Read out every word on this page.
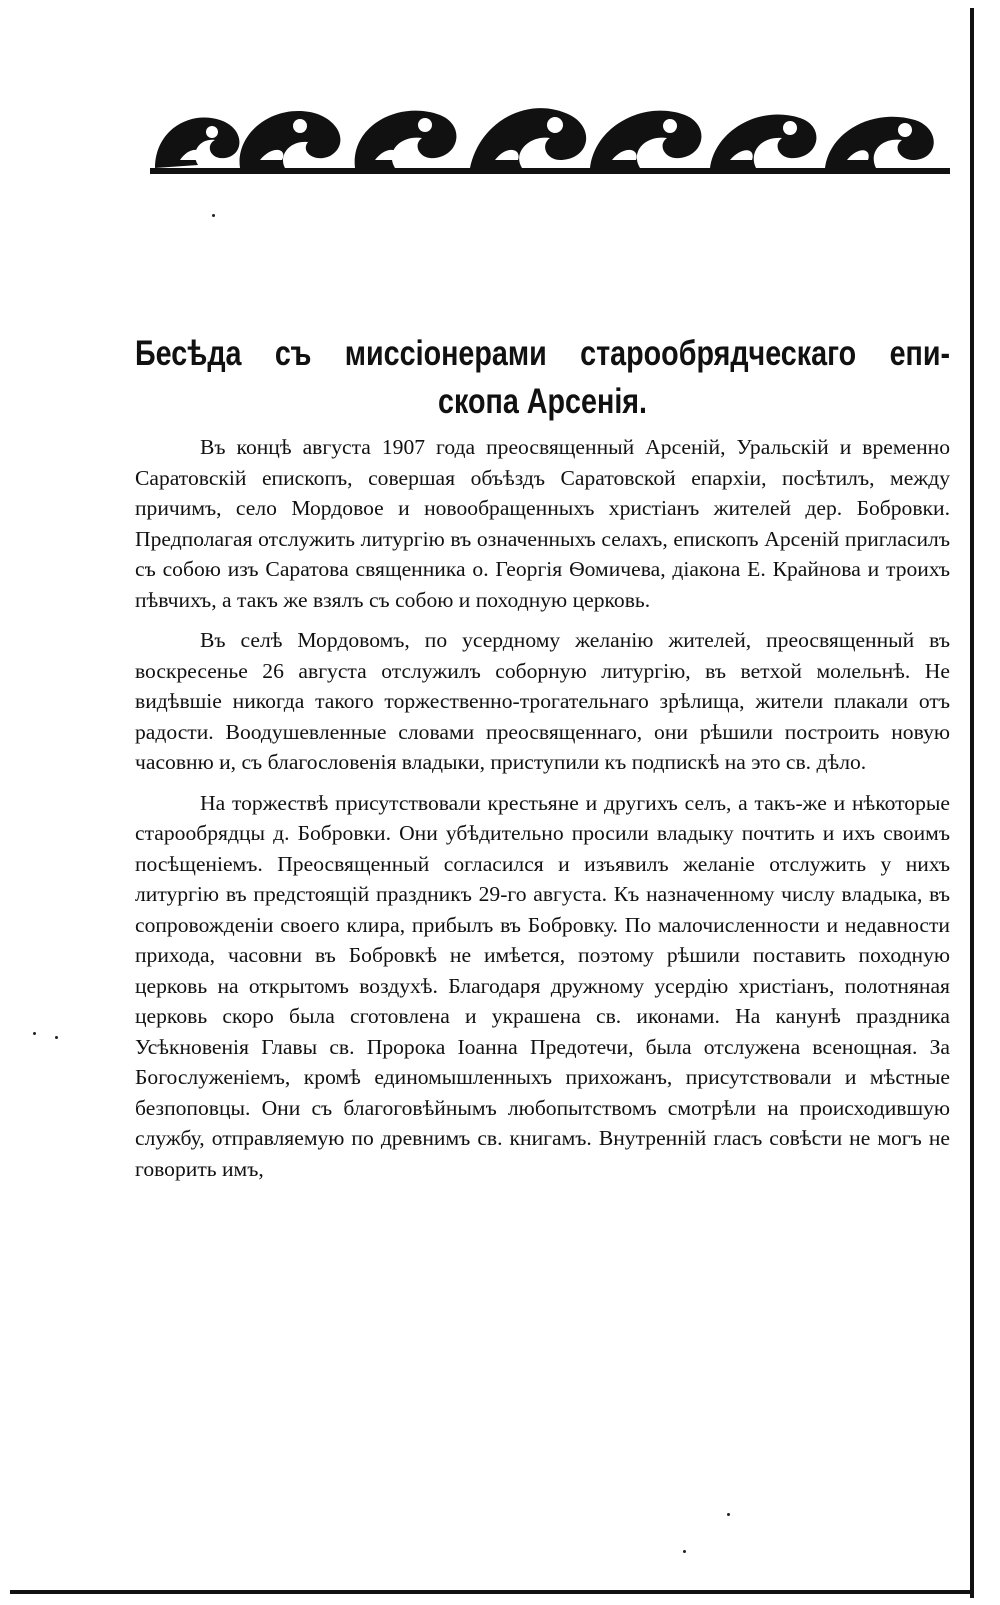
Бесѣда съ миссіонерами старообрядческаго епи-
скопа Арсенія.

Въ концѣ августа 1907 года преосвященный Арсеній, Уральскій и временно Саратовскій епископъ, совершая объѣздъ Саратовской епархіи, посѣтилъ, между причимъ, село Мордовое и новообращенныхъ христіанъ жителей дер. Бобровки. Предполагая отслужить литургію въ означенныхъ селахъ, епископъ Арсеній пригласилъ съ собою изъ Саратова священника о. Георгія Ѳомичева, діакона Е. Крайнова и троихъ пѣвчихъ, а такъ же взялъ съ собою и походную церковь.

Въ селѣ Мордовомъ, по усердному желанію жителей, преосвященный въ воскресенье 26 августа отслужилъ соборную литургію, въ ветхой молельнѣ. Не видѣвшіе никогда такого торжественно-трогательнаго зрѣлища, жители плакали отъ радости. Воодушевленные словами преосвященнаго, они рѣшили построить новую часовню и, съ благословенія владыки, приступили къ подпискѣ на это св. дѣло.

На торжествѣ присутствовали крестьяне и другихъ селъ, а такъ-же и нѣкоторые старообрядцы д. Бобровки. Они убѣдительно просили владыку почтить и ихъ своимъ посѣщеніемъ. Преосвященный согласился и изъявилъ желаніе отслужить у нихъ литургію въ предстоящій праздникъ 29-го августа. Къ назначенному числу владыка, въ сопровожденіи своего клира, прибылъ въ Бобровку. По малочисленности и недавности прихода, часовни въ Бобровкѣ не имѣется, поэтому рѣшили поставить походную церковь на открытомъ воздухѣ. Благодаря дружному усердію христіанъ, полотняная церковь скоро была сготовлена и украшена св. иконами. На канунѣ праздника Усѣкновенія Главы св. Пророка Іоанна Предотечи, была отслужена всенощная. За Богослуженіемъ, кромѣ единомышленныхъ прихожанъ, присутствовали и мѣстные безпоповцы. Они съ благоговѣйнымъ любопытствомъ смотрѣли на происходившую службу, отправляемую по древнимъ св. книгамъ. Внутренній гласъ совѣсти не могъ не говорить имъ,
